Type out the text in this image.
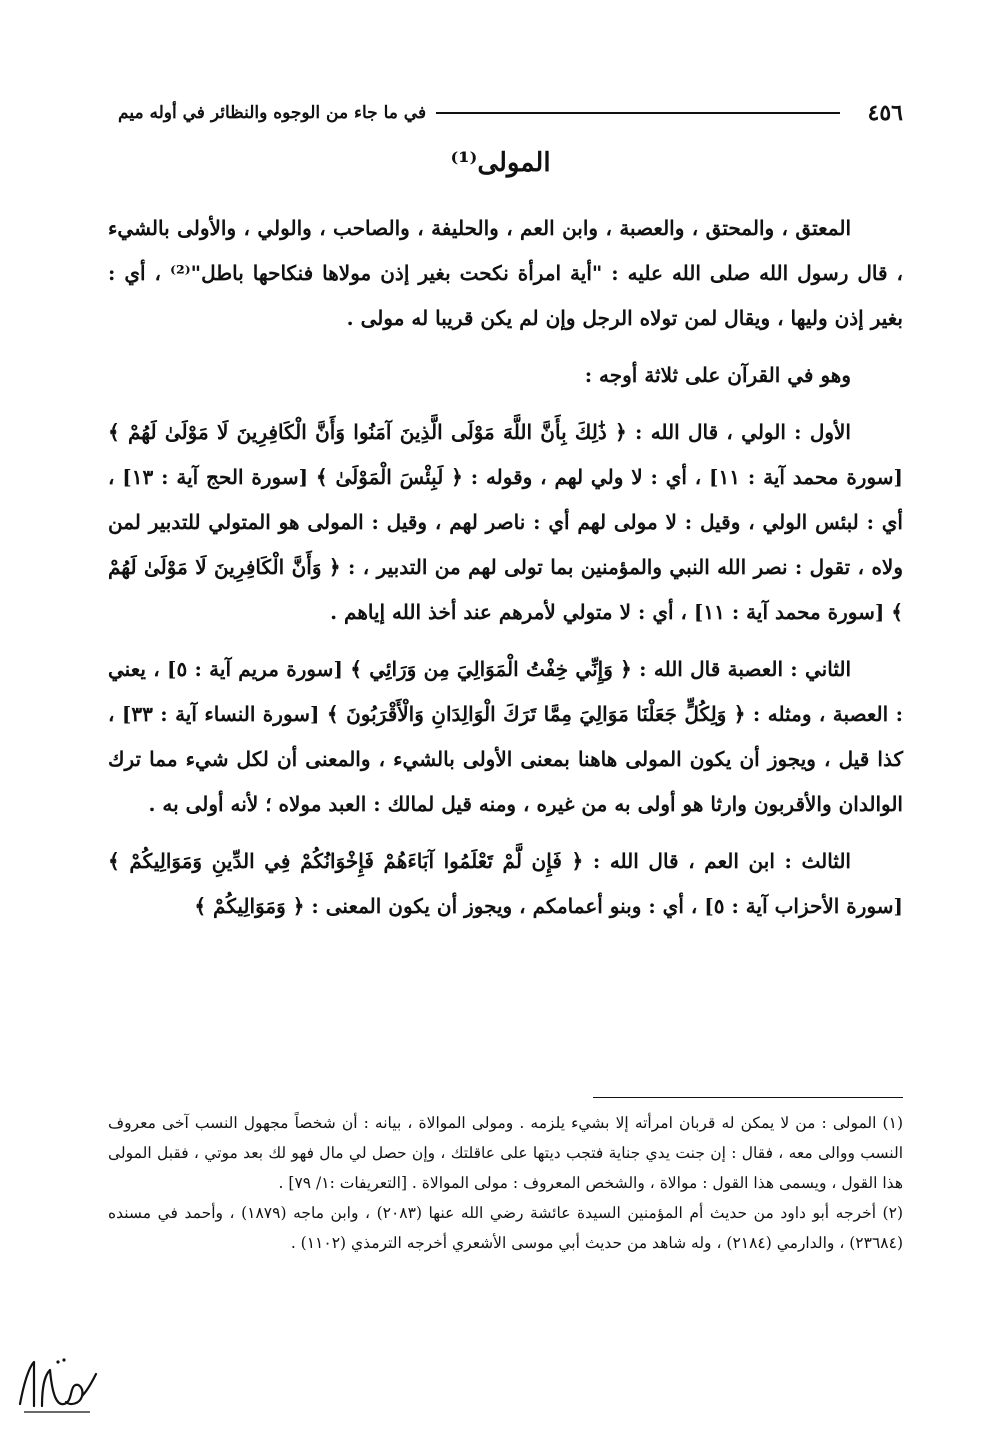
٤٥٦
في ما جاء من الوجوه والنظائر في أوله ميم
المولى⁽¹⁾

المعتق ، والمحتق ، والعصبة ، وابن العم ، والحليفة ، والصاحب ، والولي ، والأولى بالشيء ، قال رسول الله صلى الله عليه : "أية امرأة نكحت بغير إذن مولاها فنكاحها باطل"⁽²⁾ ، أي : بغير إذن وليها ، ويقال لمن تولاه الرجل وإن لم يكن قريبا له مولى .

وهو في القرآن على ثلاثة أوجه :

الأول : الولي ، قال الله : ﴿ ذَٰلِكَ بِأَنَّ اللَّهَ مَوْلَى الَّذِينَ آمَنُوا وَأَنَّ الْكَافِرِينَ لَا مَوْلَىٰ لَهُمْ ﴾ [سورة محمد آية : ١١] ، أي : لا ولي لهم ، وقوله : ﴿ لَبِئْسَ الْمَوْلَىٰ ﴾ [سورة الحج آية : ١٣] ، أي : لبئس الولي ، وقيل : لا مولى لهم أي : ناصر لهم ، وقيل : المولى هو المتولي للتدبير لمن ولاه ، تقول : نصر الله النبي والمؤمنين بما تولى لهم من التدبير ، : ﴿ وَأَنَّ الْكَافِرِينَ لَا مَوْلَىٰ لَهُمْ ﴾ [سورة محمد آية : ١١] ، أي : لا متولي لأمرهم عند أخذ الله إياهم .

الثاني : العصبة قال الله : ﴿ وَإِنِّي خِفْتُ الْمَوَالِيَ مِن وَرَائِي ﴾ [سورة مريم آية : ٥] ، يعني : العصبة ، ومثله : ﴿ وَلِكُلٍّ جَعَلْنَا مَوَالِيَ مِمَّا تَرَكَ الْوَالِدَانِ وَالْأَقْرَبُونَ ﴾ [سورة النساء آية : ٣٣] ، كذا قيل ، ويجوز أن يكون المولى هاهنا بمعنى الأولى بالشيء ، والمعنى أن لكل شيء مما ترك الوالدان والأقربون وارثا هو أولى به من غيره ، ومنه قيل لمالك : العبد مولاه ؛ لأنه أولى به .

الثالث : ابن العم ، قال الله : ﴿ فَإِن لَّمْ تَعْلَمُوا آبَاءَهُمْ فَإِخْوَانُكُمْ فِي الدِّينِ وَمَوَالِيكُمْ ﴾ [سورة الأحزاب آية : ٥] ، أي : وبنو أعمامكم ، ويجوز أن يكون المعنى : ﴿ وَمَوَالِيكُمْ ﴾

(١) المولى : من لا يمكن له قربان امرأته إلا بشيء يلزمه . ومولى الموالاة ، بيانه : أن شخصاً مجهول النسب آخى معروف النسب ووالى معه ، فقال : إن جنت يدي جناية فتجب ديتها على عاقلتك ، وإن حصل لي مال فهو لك بعد موتي ، فقبل المولى هذا القول ، ويسمى هذا القول : موالاة ، والشخص المعروف : مولى الموالاة . [التعريفات :١/ ٧٩] .

(٢) أخرجه أبو داود من حديث أم المؤمنين السيدة عائشة رضي الله عنها (٢٠٨٣) ، وابن ماجه (١٨٧٩) ، وأحمد في مسنده (٢٣٦٨٤) ، والدارمي (٢١٨٤) ، وله شاهد من حديث أبي موسى الأشعري أخرجه الترمذي (١١٠٢) .
